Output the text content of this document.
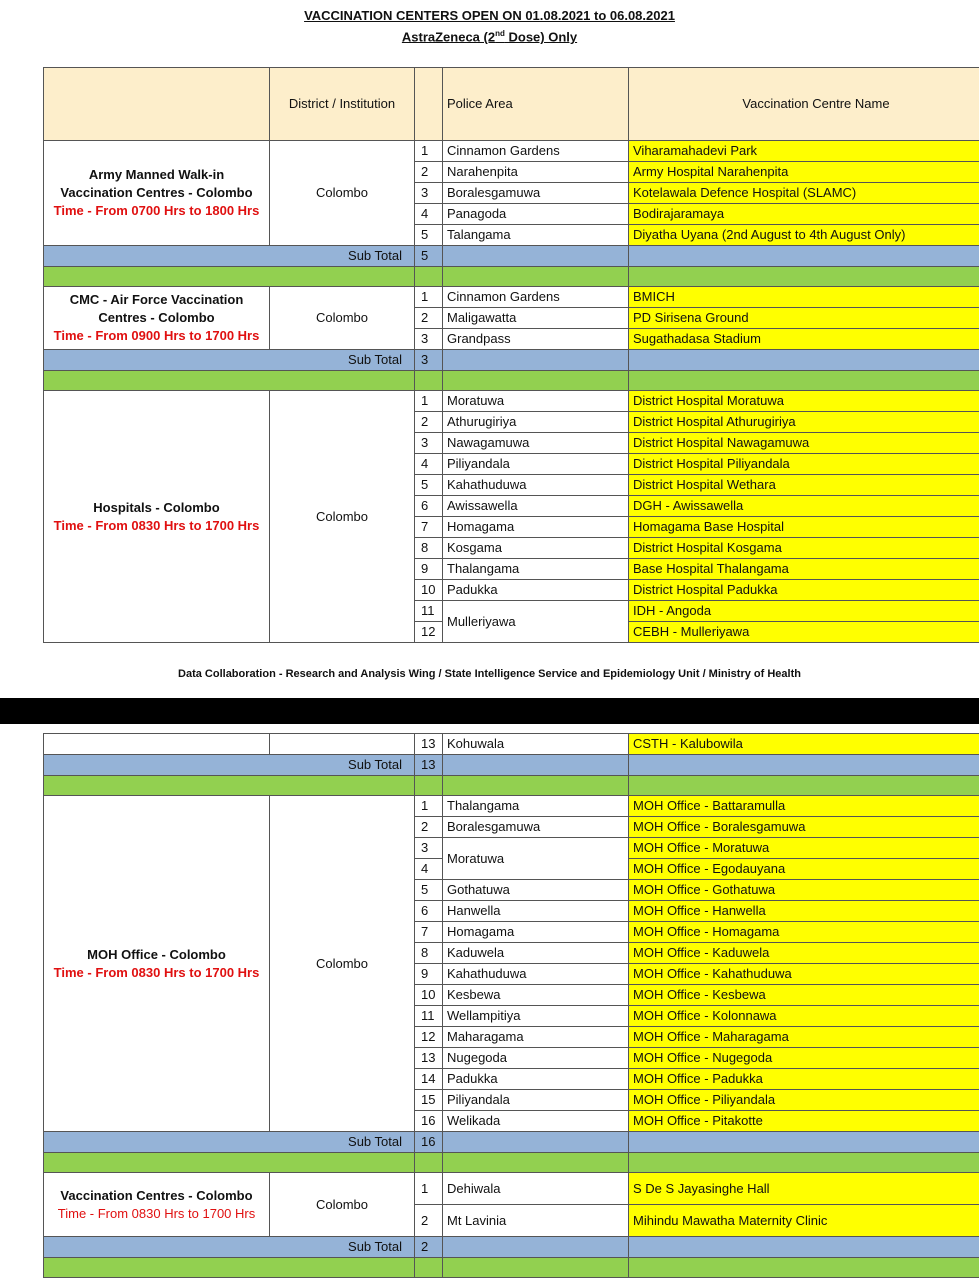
VACCINATION CENTERS OPEN ON 01.08.2021 to 06.08.2021
AstraZeneca (2nd Dose) Only
	District / Institution		Police Area	Vaccination Centre Name

Army Manned Walk-in
Vaccination Centres - Colombo
Time - From 0700 Hrs to 1800 Hrs	Colombo	1	Cinnamon Gardens	Viharamahadevi Park
		2	Narahenpita	Army Hospital Narahenpita
		3	Boralesgamuwa	Kotelawala Defence Hospital (SLAMC)
		4	Panagoda	Bodirajaramaya
		5	Talangama	Diyatha Uyana (2nd August to 4th August Only)
Sub Total		5		

CMC - Air Force Vaccination
Centres - Colombo
Time - From 0900 Hrs to 1700 Hrs	Colombo	1	Cinnamon Gardens	BMICH
		2	Maligawatta	PD Sirisena Ground
		3	Grandpass	Sugathadasa Stadium
Sub Total		3		

Hospitals - Colombo
Time - From 0830 Hrs to 1700 Hrs	Colombo	1	Moratuwa	District Hospital Moratuwa
		2	Athurugiriya	District Hospital Athurugiriya
		3	Nawagamuwa	District Hospital Nawagamuwa
		4	Piliyandala	District Hospital Piliyandala
		5	Kahathuduwa	District Hospital Wethara
		6	Awissawella	DGH - Awissawella
		7	Homagama	Homagama Base Hospital
		8	Kosgama	District Hospital Kosgama
		9	Thalangama	Base Hospital Thalangama
		10	Padukka	District Hospital Padukka
		11	Mulleriyawa	IDH - Angoda
		12		CEBH - Mulleriyawa
Data Collaboration - Research and Analysis Wing / State Intelligence Service and Epidemiology Unit / Ministry of Health
		13	Kohuwala	CSTH - Kalubowila
Sub Total		13		

MOH Office - Colombo
Time - From 0830 Hrs to 1700 Hrs	Colombo	1	Thalangama	MOH Office - Battaramulla
		2	Boralesgamuwa	MOH Office - Boralesgamuwa
		3	Moratuwa	MOH Office - Moratuwa
		4		MOH Office - Egodauyana
		5	Gothatuwa	MOH Office - Gothatuwa
		6	Hanwella	MOH Office - Hanwella
		7	Homagama	MOH Office - Homagama
		8	Kaduwela	MOH Office - Kaduwela
		9	Kahathuduwa	MOH Office - Kahathuduwa
		10	Kesbewa	MOH Office - Kesbewa
		11	Wellampitiya	MOH Office - Kolonnawa
		12	Maharagama	MOH Office - Maharagama
		13	Nugegoda	MOH Office - Nugegoda
		14	Padukka	MOH Office - Padukka
		15	Piliyandala	MOH Office - Piliyandala
		16	Welikada	MOH Office - Pitakotte
Sub Total		16		

Vaccination Centres - Colombo
Time - From 0830 Hrs to 1700 Hrs	Colombo	1	Dehiwala	S De S Jayasinghe Hall
		2	Mt Lavinia	Mihindu Mawatha Maternity Clinic
Sub Total		2		
